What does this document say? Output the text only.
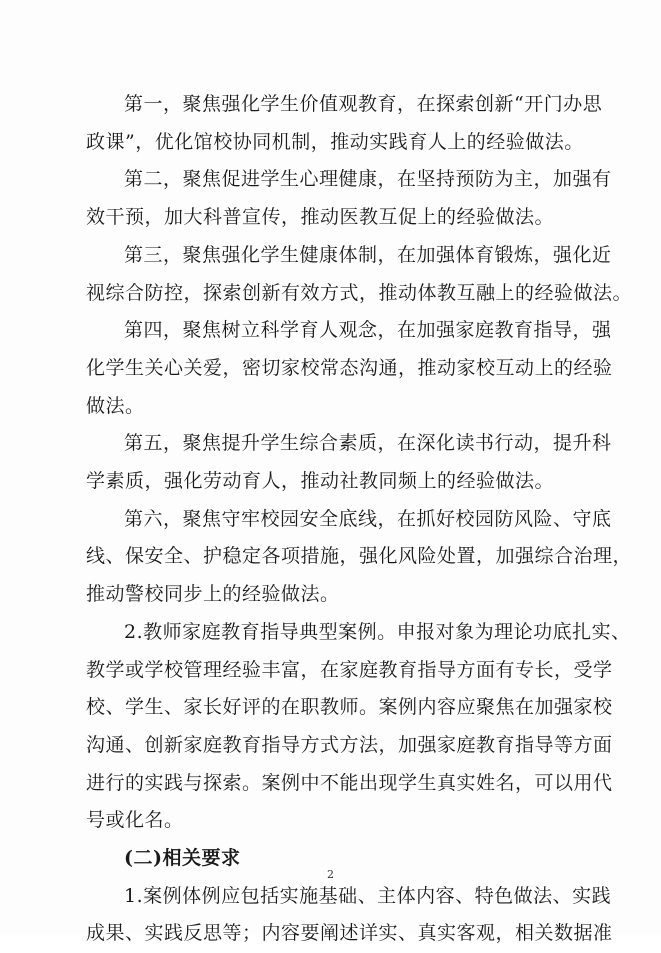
第一，聚焦强化学生价值观教育，在探索创新“开门办思
政课”，优化馆校协同机制，推动实践育人上的经验做法。

第二，聚焦促进学生心理健康，在坚持预防为主，加强有
效干预，加大科普宣传，推动医教互促上的经验做法。

第三，聚焦强化学生健康体制，在加强体育锻炼，强化近
视综合防控，探索创新有效方式，推动体教互融上的经验做法。

第四，聚焦树立科学育人观念，在加强家庭教育指导，强
化学生关心关爱，密切家校常态沟通，推动家校互动上的经验
做法。

第五，聚焦提升学生综合素质，在深化读书行动，提升科
学素质，强化劳动育人，推动社教同频上的经验做法。

第六，聚焦守牢校园安全底线，在抓好校园防风险、守底
线、保安全、护稳定各项措施，强化风险处置，加强综合治理，
推动警校同步上的经验做法。

2.教师家庭教育指导典型案例。申报对象为理论功底扎实、
教学或学校管理经验丰富，在家庭教育指导方面有专长，受学
校、学生、家长好评的在职教师。案例内容应聚焦在加强家校
沟通、创新家庭教育指导方式方法，加强家庭教育指导等方面
进行的实践与探索。案例中不能出现学生真实姓名，可以用代
号或化名。

(二)相关要求

1.案例体例应包括实施基础、主体内容、特色做法、实践
成果、实践反思等；内容要阐述详实、真实客观，相关数据准

2
